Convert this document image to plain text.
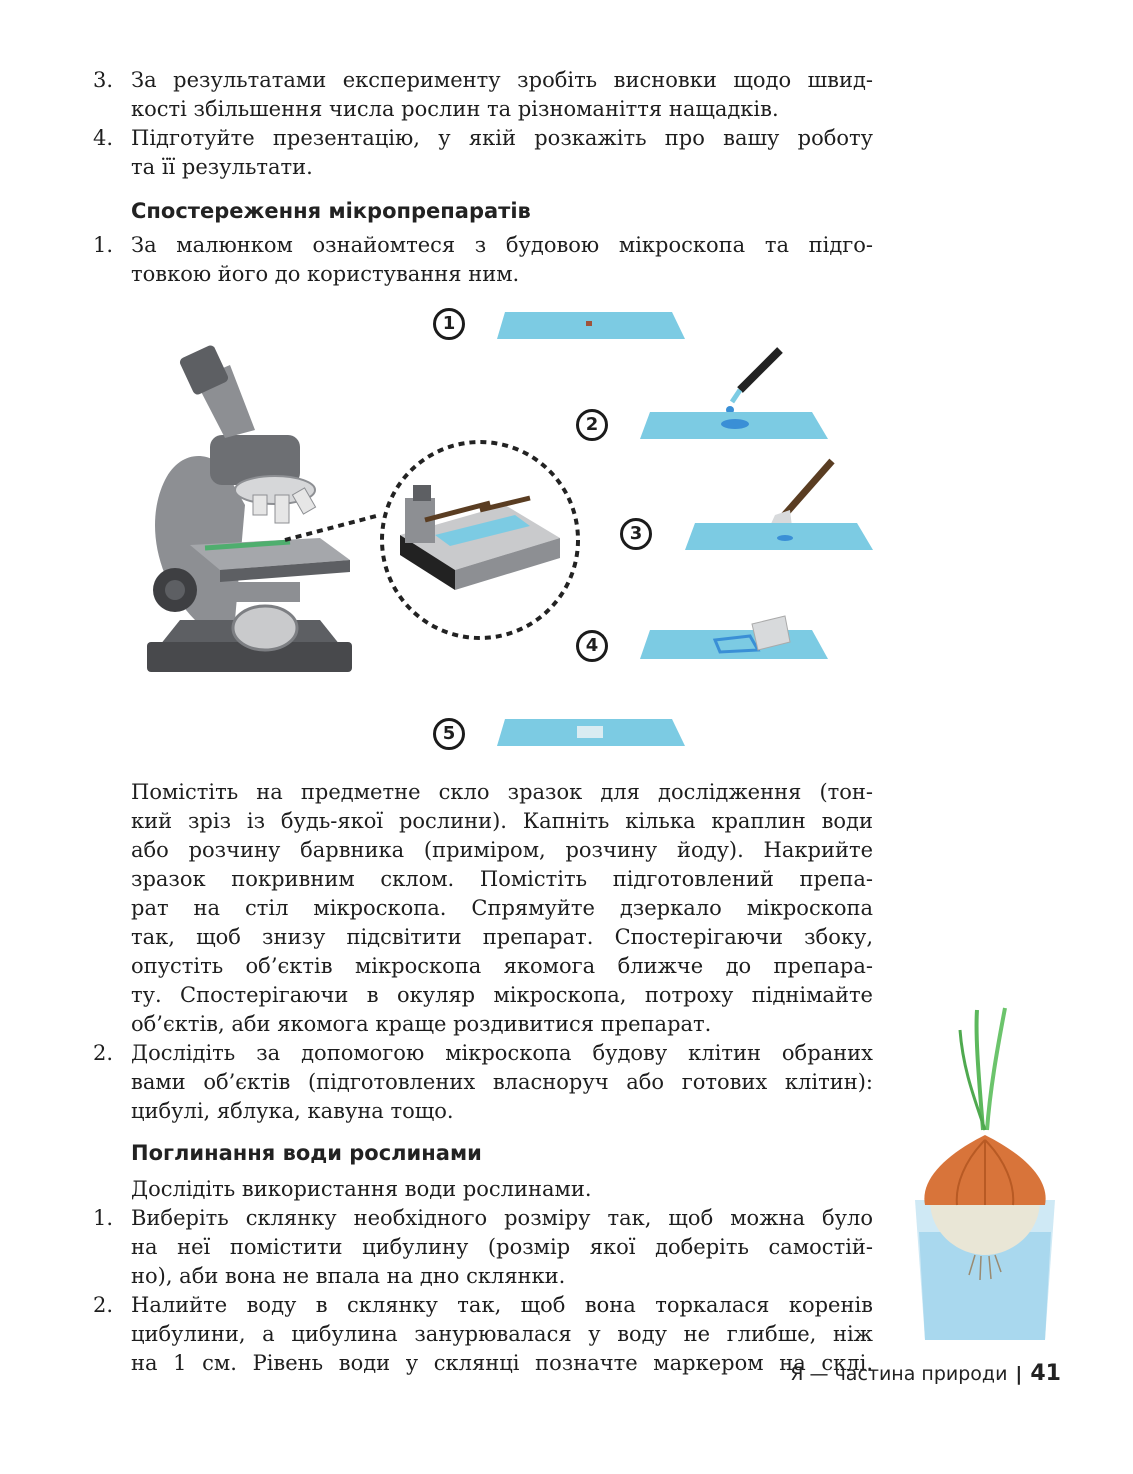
3. За результатами експерименту зробіть висновки щодо швид-
кості збільшення числа рослин та різноманіття нащадків.
4. Підготуйте презентацію, у якій розкажіть про вашу роботу
та її результати.
Спостереження мікропрепаратів
1. За малюнком ознайомтеся з будовою мікроскопа та підго-
товкою його до користування ним.
1
2
3
4
5
Помістіть на предметне скло зразок для дослідження (тон-
кий зріз із будь-якої рослини). Капніть кілька краплин води
або розчину барвника (приміром, розчину йоду). Накрийте
зразок покривним склом. Помістіть підготовлений препа-
рат на стіл мікроскопа. Спрямуйте дзеркало мікроскопа
так, щоб знизу підсвітити препарат. Спостерігаючи збоку,
опустіть об’єктів мікроскопа якомога ближче до препара-
ту. Спостерігаючи в окуляр мікроскопа, потроху піднімайте
об’єктів, аби якомога краще роздивитися препарат.
2. Дослідіть за допомогою мікроскопа будову клітин обраних
вами об’єктів (підготовлених власноруч або готових клітин):
цибулі, яблука, кавуна тощо.
Поглинання води рослинами
Дослідіть використання води рослинами.
1. Виберіть склянку необхідного розміру так, щоб можна було
на неї помістити цибулину (розмір якої доберіть самостій-
но), аби вона не впала на дно склянки.
2. Налийте воду в склянку так, щоб вона торкалася коренів
цибулини, а цибулина занурювалася у воду не глибше, ніж
на 1 см. Рівень води у склянці позначте маркером на склі.
Я — частина природи | 41
